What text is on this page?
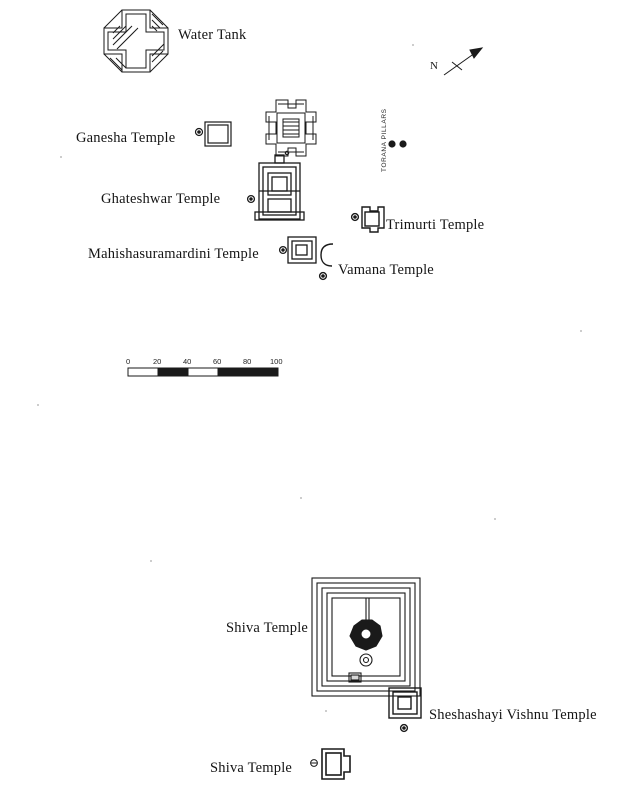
Water Tank
Ganesha Temple
Ghateshwar Temple
Trimurti Temple
Mahishasuramardini Temple
Vamana Temple
Shiva Temple
Sheshashayi Vishnu Temple
Shiva Temple
TORANA PILLARS
N
0	20	40	60	80 100
